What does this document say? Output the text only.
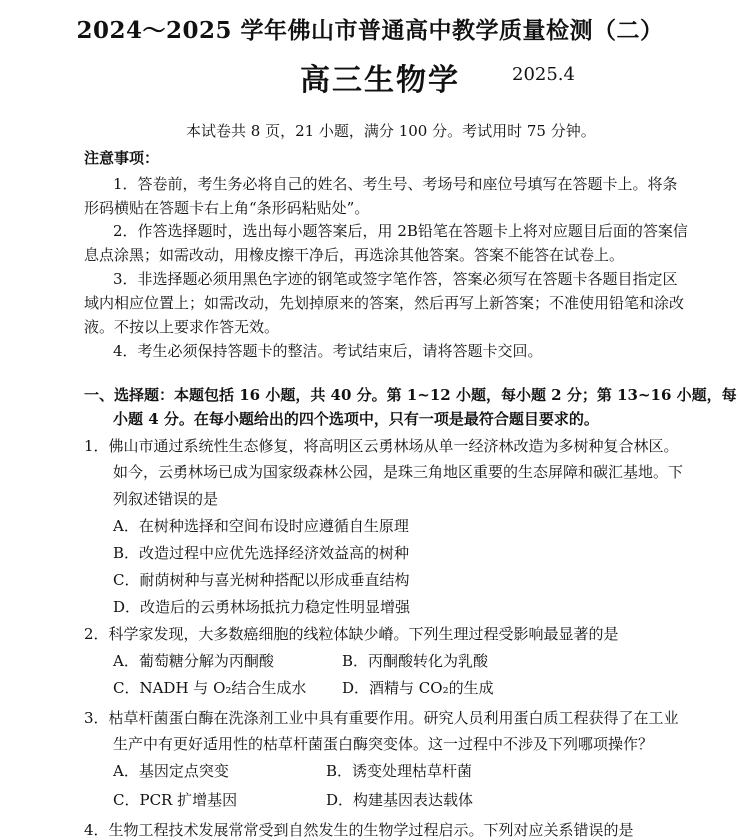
2024～2025 学年佛山市普通高中教学质量检测（二）
高三生物学	2025.4
本试卷共 8 页，21 小题，满分 100 分。考试用时 75 分钟。
注意事项：
1．答卷前，考生务必将自己的姓名、考生号、考场号和座位号填写在答题卡上。将条
形码横贴在答题卡右上角“条形码粘贴处”。
2．作答选择题时，选出每小题答案后，用 2B铅笔在答题卡上将对应题目后面的答案信
息点涂黑；如需改动，用橡皮擦干净后，再选涂其他答案。答案不能答在试卷上。
3．非选择题必须用黑色字迹的钢笔或签字笔作答，答案必须写在答题卡各题目指定区
域内相应位置上；如需改动，先划掉原来的答案，然后再写上新答案；不准使用铅笔和涂改
液。不按以上要求作答无效。
4．考生必须保持答题卡的整洁。考试结束后，请将答题卡交回。
一、选择题：本题包括 16 小题，共 40 分。第 1~12 小题，每小题 2 分；第 13~16 小题，每
小题 4 分。在每小题给出的四个选项中，只有一项是最符合题目要求的。
1．佛山市通过系统性生态修复，将高明区云勇林场从单一经济林改造为多树种复合林区。
如今，云勇林场已成为国家级森林公园，是珠三角地区重要的生态屏障和碳汇基地。下
列叙述错误的是
A．在树种选择和空间布设时应遵循自生原理
B．改造过程中应优先选择经济效益高的树种
C．耐荫树种与喜光树种搭配以形成垂直结构
D．改造后的云勇林场抵抗力稳定性明显增强
2．科学家发现，大多数癌细胞的线粒体缺少嵴。下列生理过程受影响最显著的是
A．葡萄糖分解为丙酮酸	B．丙酮酸转化为乳酸
C．NADH 与 O₂结合生成水 D．酒精与 CO₂的生成
3．枯草杆菌蛋白酶在洗涤剂工业中具有重要作用。研究人员利用蛋白质工程获得了在工业
生产中有更好适用性的枯草杆菌蛋白酶突变体。这一过程中不涉及下列哪项操作？
A．基因定点突变	B．诱变处理枯草杆菌
C．PCR 扩增基因	D．构建基因表达载体
4．生物工程技术发展常常受到自然发生的生物学过程启示。下列对应关系错误的是
